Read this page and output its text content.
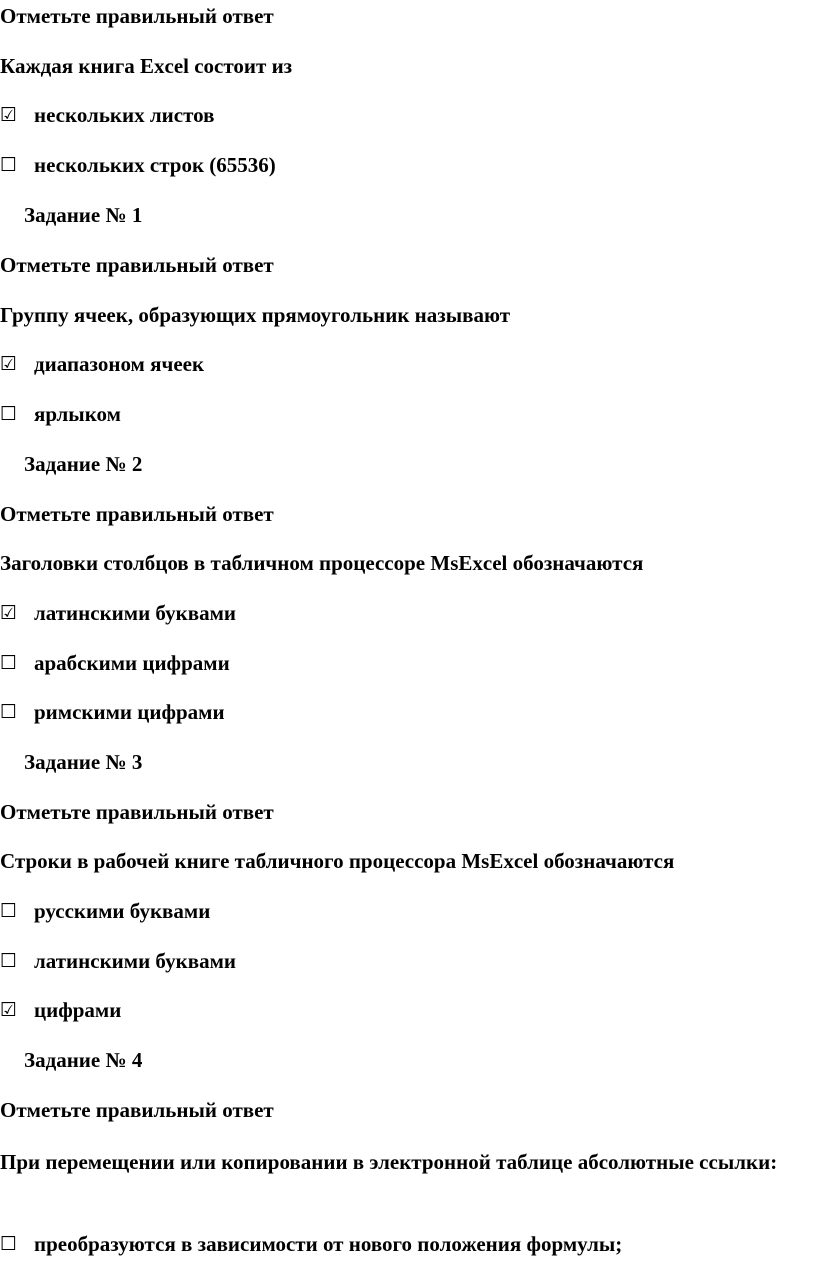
Отметьте правильный ответ
Каждая книга Excel состоит из
☑ нескольких листов
☐ нескольких строк (65536)
Задание № 1
Отметьте правильный ответ
Группу ячеек, образующих прямоугольник называют
☑ диапазоном ячеек
☐ ярлыком
Задание № 2
Отметьте правильный ответ
Заголовки столбцов в табличном процессоре MsExcel обозначаются
☑ латинскими буквами
☐ арабскими цифрами
☐ римскими цифрами
Задание № 3
Отметьте правильный ответ
Строки в рабочей книге табличного процессора MsExcel обозначаются
☐ русскими буквами
☐ латинскими буквами
☑ цифрами
Задание № 4
Отметьте правильный ответ
При перемещении или копировании в электронной таблице абсолютные ссылки:
☐ преобразуются в зависимости от нового положения формулы;
